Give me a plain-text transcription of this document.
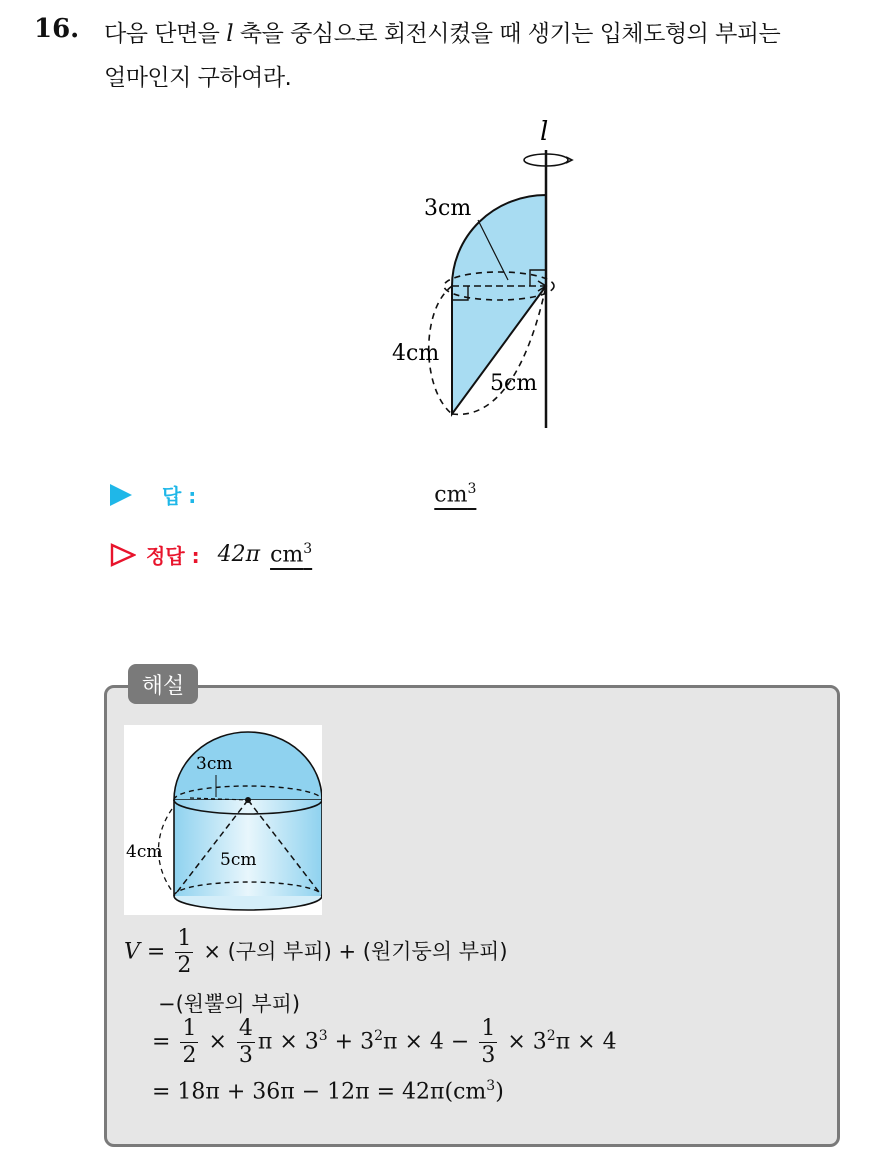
16. 다음 단면을 l 축을 중심으로 회전시켰을 때 생기는 입체도형의 부피는
얼마인지 구하여라.
3cm
4cm
5cm
l
답 :	$cm^3$
정답 : 42π $cm^3$
해설
3cm
4cm	5cm
$V = \frac{1}{2}$ × (구의 부피) + (원기둥의 부피)
−(원뿔의 부피)
= $\frac{1}{2} \times \frac{4}{3}$ $\pi \times 3^3 + 3^2\pi \times 4 - \frac{1}{3} \times 3^2\pi \times 4$
= $18\pi + 36\pi - 12\pi = 42\pi(cm^3)$
